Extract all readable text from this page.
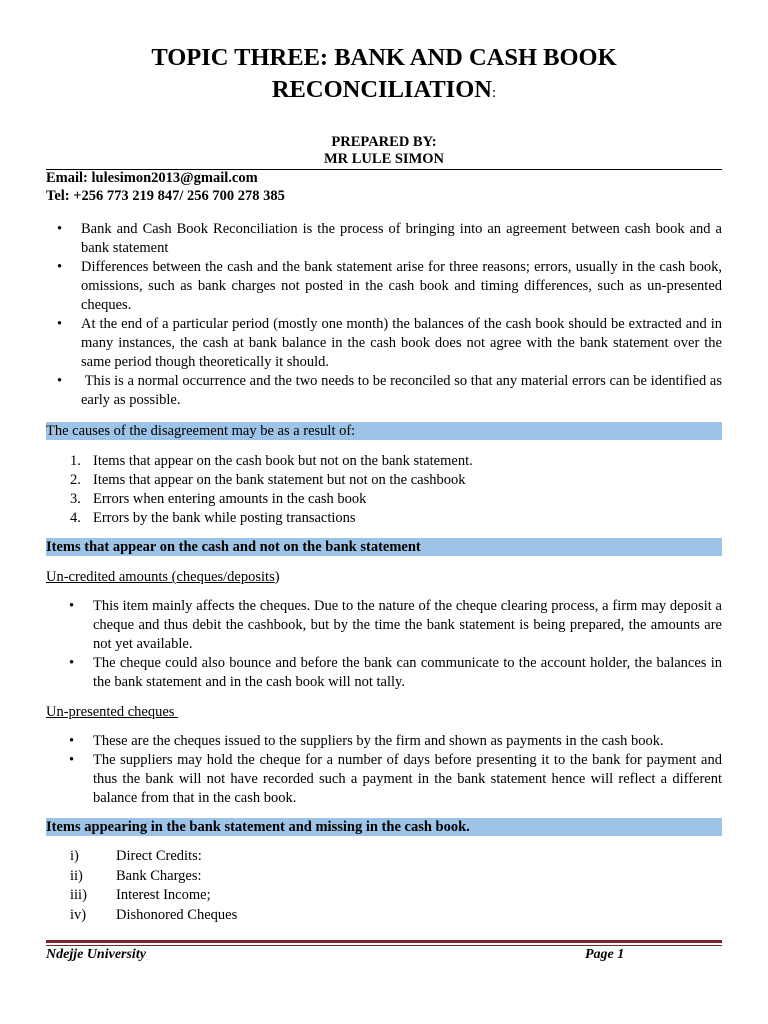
TOPIC THREE: BANK AND CASH BOOK
RECONCILIATION:
PREPARED BY:
MR LULE SIMON
Email: lulesimon2013@gmail.com
Tel: +256 773 219 847/ 256 700 278 385
• Bank and Cash Book Reconciliation is the process of bringing into an agreement between cash book and a bank statement
• Differences between the cash and the bank statement arise for three reasons; errors, usually in the cash book, omissions, such as bank charges not posted in the cash book and timing differences, such as un-presented cheques.
• At the end of a particular period (mostly one month) the balances of the cash book should be extracted and in many instances, the cash at bank balance in the cash book does not agree with the bank statement over the same period though theoretically it should.
• This is a normal occurrence and the two needs to be reconciled so that any material errors can be identified as early as possible.
The causes of the disagreement may be as a result of:
1. Items that appear on the cash book but not on the bank statement.
2. Items that appear on the bank statement but not on the cashbook
3. Errors when entering amounts in the cash book
4. Errors by the bank while posting transactions
Items that appear on the cash and not on the bank statement
Un-credited amounts (cheques/deposits)
• This item mainly affects the cheques. Due to the nature of the cheque clearing process, a firm may deposit a cheque and thus debit the cashbook, but by the time the bank statement is being prepared, the amounts are not yet available.
• The cheque could also bounce and before the bank can communicate to the account holder, the balances in the bank statement and in the cash book will not tally.
Un-presented cheques
• These are the cheques issued to the suppliers by the firm and shown as payments in the cash book.
• The suppliers may hold the cheque for a number of days before presenting it to the bank for payment and thus the bank will not have recorded such a payment in the bank statement hence will reflect a different balance from that in the cash book.
Items appearing in the bank statement and missing in the cash book.
i)	Direct Credits:
ii) Bank Charges:
iii) Interest Income;
iv) Dishonored Cheques
Ndejje University	Page 1
